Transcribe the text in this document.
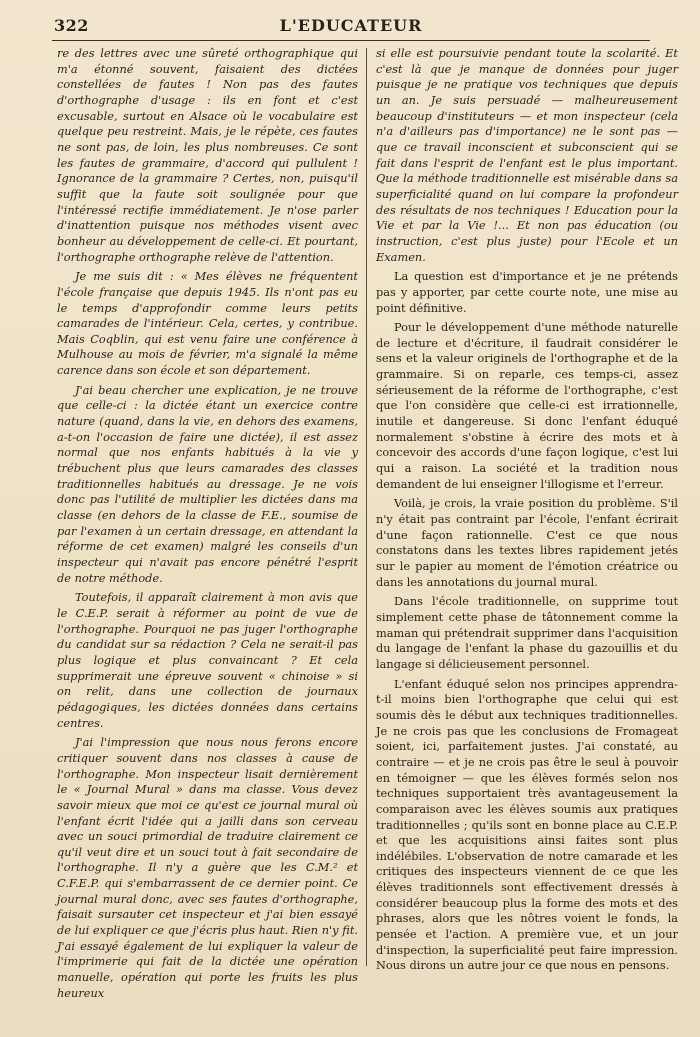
322	L'EDUCATEUR

re des lettres avec une sûreté orthographique qui m'a étonné souvent, faisaient des dictées constellées de fautes ! Non pas des fautes d'orthographe d'usage : ils en font et c'est excusable, surtout en Alsace où le vocabulaire est quelque peu restreint. Mais, je le répète, ces fautes ne sont pas, de loin, les plus nombreuses. Ce sont les fautes de grammaire, d'accord qui pullulent ! Ignorance de la grammaire ? Certes, non, puisqu'il suffit que la faute soit soulignée pour que l'intéressé rectifie immédiatement. Je n'ose parler d'inattention puisque nos méthodes visent avec bonheur au développement de celle-ci. Et pourtant, l'orthographe orthographe relève de l'attention.

Je me suis dit : « Mes élèves ne fréquentent l'école française que depuis 1945. Ils n'ont pas eu le temps d'approfondir comme leurs petits camarades de l'intérieur. Cela, certes, y contribue. Mais Coqblin, qui est venu faire une conférence à Mulhouse au mois de février, m'a signalé la même carence dans son école et son département.

J'ai beau chercher une explication, je ne trouve que celle-ci : la dictée étant un exercice contre nature (quand, dans la vie, en dehors des examens, a-t-on l'occasion de faire une dictée), il est assez normal que nos enfants habitués à la vie y trébuchent plus que leurs camarades des classes traditionnelles habitués au dressage. Je ne vois donc pas l'utilité de multiplier les dictées dans ma classe (en dehors de la classe de F.E., soumise de par l'examen à un certain dressage, en attendant la réforme de cet examen) malgré les conseils d'un inspecteur qui n'avait pas encore pénétré l'esprit de notre méthode.

Toutefois, il apparaît clairement à mon avis que le C.E.P. serait à réformer au point de vue de l'orthographe. Pourquoi ne pas juger l'orthographe du candidat sur sa rédaction ? Cela ne serait-il pas plus logique et plus convaincant ? Et cela supprimerait une épreuve souvent « chinoise » si on relit, dans une collection de journaux pédagogiques, les dictées données dans certains centres.

J'ai l'impression que nous nous ferons encore critiquer souvent dans nos classes à cause de l'orthographe. Mon inspecteur lisait dernièrement le « Journal Mural » dans ma classe. Vous devez savoir mieux que moi ce qu'est ce journal mural où l'enfant écrit l'idée qui a jailli dans son cerveau avec un souci primordial de traduire clairement ce qu'il veut dire et un souci tout à fait secondaire de l'orthographe. Il n'y a guère que les C.M.² et C.F.E.P. qui s'embarrassent de ce dernier point. Ce journal mural donc, avec ses fautes d'orthographe, faisait sursauter cet inspecteur et j'ai bien essayé de lui expliquer ce que j'écris plus haut. Rien n'y fit. J'ai essayé également de lui expliquer la valeur de l'imprimerie qui fait de la dictée une opération manuelle, opération qui porte les fruits les plus heureux

si elle est poursuivie pendant toute la scolarité. Et c'est là que je manque de données pour juger puisque je ne pratique vos techniques que depuis un an. Je suis persuadé — malheureusement beaucoup d'instituteurs — et mon inspecteur (cela n'a d'ailleurs pas d'importance) ne le sont pas — que ce travail inconscient et subconscient qui se fait dans l'esprit de l'enfant est le plus important. Que la méthode traditionnelle est misérable dans sa superficialité quand on lui compare la profondeur des résultats de nos techniques ! Education pour la Vie et par la Vie !... Et non pas éducation (ou instruction, c'est plus juste) pour l'Ecole et un Examen.

La question est d'importance et je ne prétends pas y apporter, par cette courte note, une mise au point définitive.

Pour le développement d'une méthode naturelle de lecture et d'écriture, il faudrait considérer le sens et la valeur originels de l'orthographe et de la grammaire. Si on reparle, ces temps-ci, assez sérieusement de la réforme de l'orthographe, c'est que l'on considère que celle-ci est irrationnelle, inutile et dangereuse. Si donc l'enfant éduqué normalement s'obstine à écrire des mots et à concevoir des accords d'une façon logique, c'est lui qui a raison. La société et la tradition nous demandent de lui enseigner l'illogisme et l'erreur.

Voilà, je crois, la vraie position du problème. S'il n'y était pas contraint par l'école, l'enfant écrirait d'une façon rationnelle. C'est ce que nous constatons dans les textes libres rapidement jetés sur le papier au moment de l'émotion créatrice ou dans les annotations du journal mural.

Dans l'école traditionnelle, on supprime tout simplement cette phase de tâtonnement comme la maman qui prétendrait supprimer dans l'acquisition du langage de l'enfant la phase du gazouillis et du langage si délicieusement personnel.

L'enfant éduqué selon nos principes apprendra-t-il moins bien l'orthographe que celui qui est soumis dès le début aux techniques traditionnelles. Je ne crois pas que les conclusions de Fromageat soient, ici, parfaitement justes. J'ai constaté, au contraire — et je ne crois pas être le seul à pouvoir en témoigner — que les élèves formés selon nos techniques supportaient très avantageusement la comparaison avec les élèves soumis aux pratiques traditionnelles ; qu'ils sont en bonne place au C.E.P. et que les acquisitions ainsi faites sont plus indélébiles. L'observation de notre camarade et les critiques des inspecteurs viennent de ce que les élèves traditionnels sont effectivement dressés à considérer beaucoup plus la forme des mots et des phrases, alors que les nôtres voient le fonds, la pensée et l'action. A première vue, et un jour d'inspection, la superficialité peut faire impression. Nous dirons un autre jour ce que nous en pensons.
